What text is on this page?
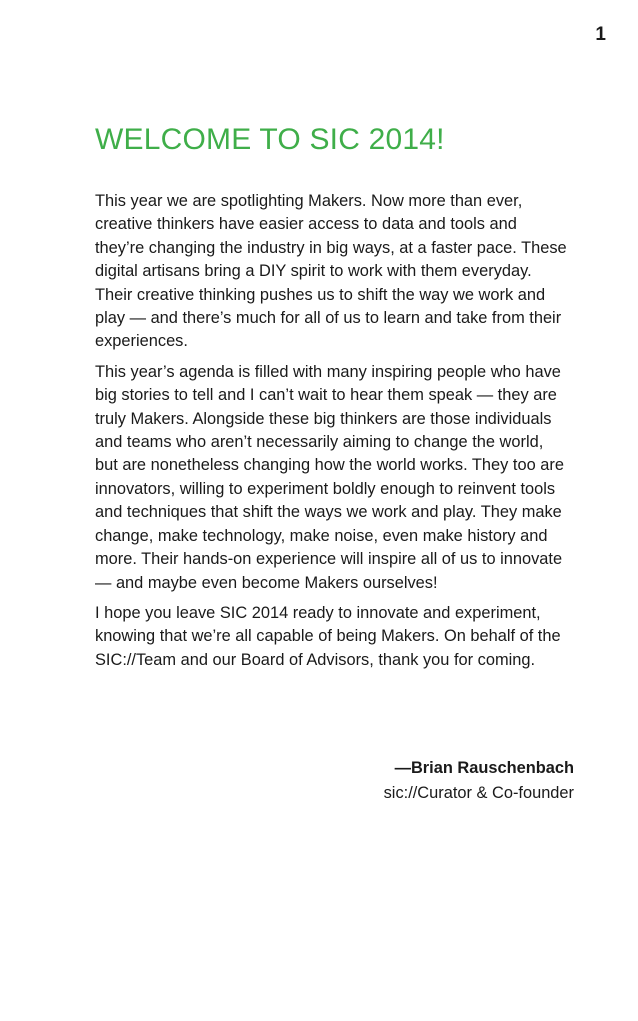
1

WELCOME TO SIC 2014!

This year we are spotlighting Makers. Now more than ever, creative thinkers have easier access to data and tools and they’re changing the industry in big ways, at a faster pace. These digital artisans bring a DIY spirit to work with them everyday. Their creative thinking pushes us to shift the way we work and play — and there’s much for all of us to learn and take from their experiences.

This year’s agenda is filled with many inspiring people who have big stories to tell and I can’t wait to hear them speak — they are truly Makers. Alongside these big thinkers are those individuals and teams who aren’t necessarily aiming to change the world, but are nonetheless changing how the world works. They too are innovators, willing to experiment boldly enough to reinvent tools and techniques that shift the ways we work and play. They make change, make technology, make noise, even make history and more. Their hands-on experience will inspire all of us to innovate — and maybe even become Makers ourselves!

I hope you leave SIC 2014 ready to innovate and experiment, knowing that we’re all capable of being Makers. On behalf of the SIC://Team and our Board of Advisors, thank you for coming.

—Brian Rauschenbach

sic://Curator & Co-founder
